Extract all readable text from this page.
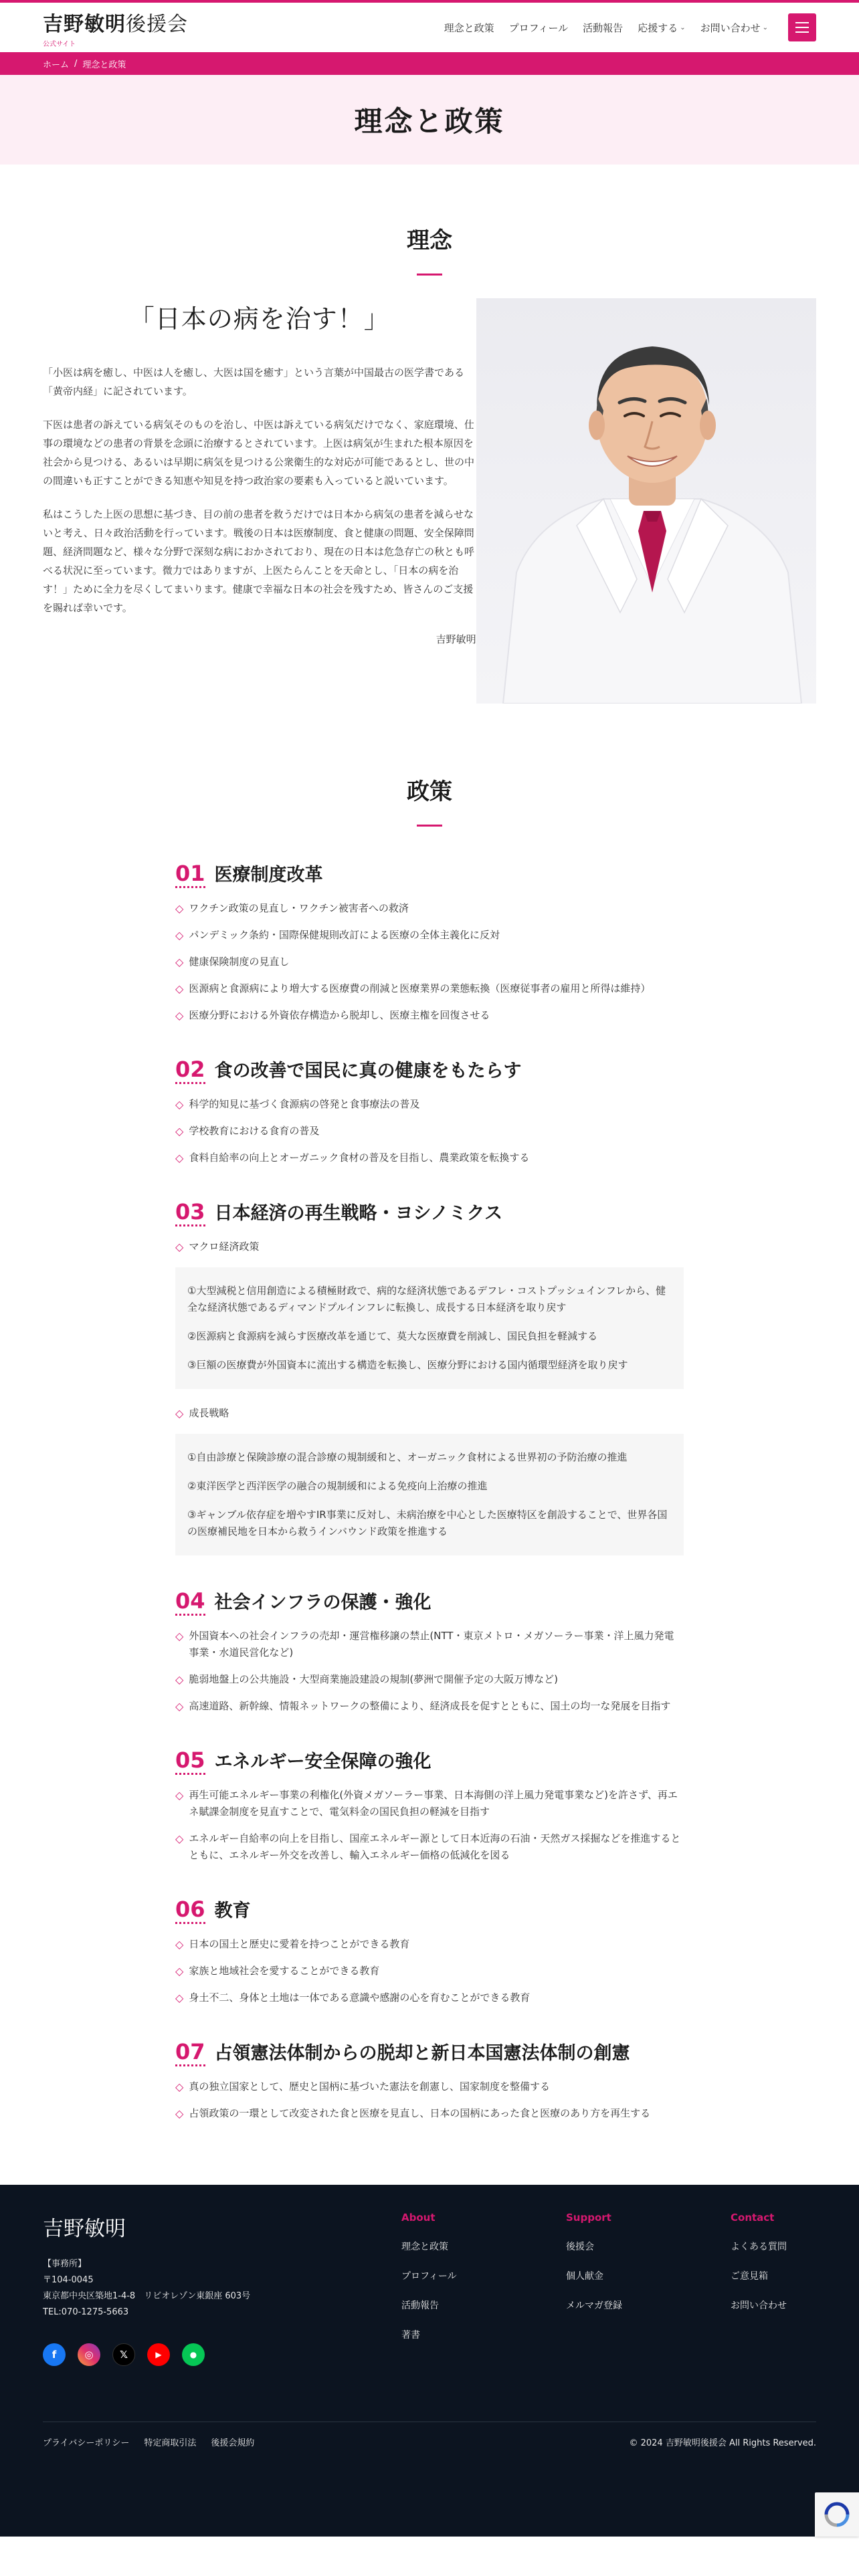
吉野敏明後援会
公式サイト
理念と政策 プロフィール 活動報告 応援する ⌄ お問い合わせ ⌄
ホーム / 理念と政策
理念と政策
理念
「日本の病を治す！」

「小医は病を癒し、中医は人を癒し、大医は国を癒す」という言葉が中国最古の医学書である「黄帝内経」に記されています。

下医は患者の訴えている病気そのものを治し、中医は訴えている病気だけでなく、家庭環境、仕事の環境などの患者の背景を念頭に治療するとされています。上医は病気が生まれた根本原因を社会から見つける、あるいは早期に病気を見つける公衆衛生的な対応が可能であるとし、世の中の間違いも正すことができる知恵や知見を持つ政治家の要素も入っていると説いています。

私はこうした上医の思想に基づき、目の前の患者を救うだけでは日本から病気の患者を減らせないと考え、日々政治活動を行っています。戦後の日本は医療制度、食と健康の問題、安全保障問題、経済問題など、様々な分野で深刻な病におかされており、現在の日本は危急存亡の秋とも呼べる状況に至っています。微力ではありますが、上医たらんことを天命とし、「日本の病を治す！」ために全力を尽くしてまいります。健康で幸福な日本の社会を残すため、皆さんのご支援を賜れば幸いです。

吉野敏明
政策
01 医療制度改革
◇ ワクチン政策の見直し・ワクチン被害者への救済
◇ パンデミック条約・国際保健規則改訂による医療の全体主義化に反対
◇ 健康保険制度の見直し
◇ 医源病と食源病により増大する医療費の削減と医療業界の業態転換（医療従事者の雇用と所得は維持）
◇ 医療分野における外資依存構造から脱却し、医療主権を回復させる
02 食の改善で国民に真の健康をもたらす
◇ 科学的知見に基づく食源病の啓発と食事療法の普及
◇ 学校教育における食育の普及
◇ 食料自給率の向上とオーガニック食材の普及を目指し、農業政策を転換する
03 日本経済の再生戦略・ヨシノミクス
◇ マクロ経済政策
①大型減税と信用創造による積極財政で、病的な経済状態であるデフレ・コストプッシュインフレから、健全な経済状態であるディマンドプルインフレに転換し、成長する日本経済を取り戻す
②医源病と食源病を減らす医療改革を通じて、莫大な医療費を削減し、国民負担を軽減する
③巨額の医療費が外国資本に流出する構造を転換し、医療分野における国内循環型経済を取り戻す
◇ 成長戦略
①自由診療と保険診療の混合診療の規制緩和と、オーガニック食材による世界初の予防治療の推進
②東洋医学と西洋医学の融合の規制緩和による免疫向上治療の推進
③ギャンブル依存症を増やすIR事業に反対し、未病治療を中心とした医療特区を創設することで、世界各国の医療補民地を日本から救うインバウンド政策を推進する
04 社会インフラの保護・強化
◇ 外国資本への社会インフラの売却・運営権移譲の禁止(NTT・東京メトロ・メガソーラー事業・洋上風力発電事業・水道民営化など)
◇ 脆弱地盤上の公共施設・大型商業施設建設の規制(夢洲で開催予定の大阪万博など)
◇ 高速道路、新幹線、情報ネットワークの整備により、経済成長を促すとともに、国土の均一な発展を目指す
05 エネルギー安全保障の強化
◇ 再生可能エネルギー事業の利権化(外資メガソーラー事業、日本海側の洋上風力発電事業など)を許さず、再エネ賦課金制度を見直すことで、電気料金の国民負担の軽減を目指す
◇ エネルギー自給率の向上を目指し、国産エネルギー源として日本近海の石油・天然ガス採掘などを推進するとともに、エネルギー外交を改善し、輸入エネルギー価格の低減化を図る
06 教育
◇ 日本の国土と歴史に愛着を持つことができる教育
◇ 家族と地域社会を愛することができる教育
◇ 身土不二、身体と土地は一体である意識や感謝の心を育むことができる教育
07 占領憲法体制からの脱却と新日本国憲法体制の創憲
◇ 真の独立国家として、歴史と国柄に基づいた憲法を創憲し、国家制度を整備する
◇ 占領政策の一環として改変された食と医療を見直し、日本の国柄にあった食と医療のあり方を再生する
吉野敏明
【事務所】
〒104-0045
東京都中央区築地1-4-8　リビオレゾン東銀座 603号
TEL:070-1275-5663
f	◎	𝕏	▶	●
About
理念と政策
プロフィール
活動報告
著書
Support
後援会
個人献金
メルマガ登録
Contact
よくある質問
ご意見箱
お問い合わせ
プライバシーポリシー 特定商取引法 後援会規約	© 2024 吉野敏明後援会 All Rights Reserved.
